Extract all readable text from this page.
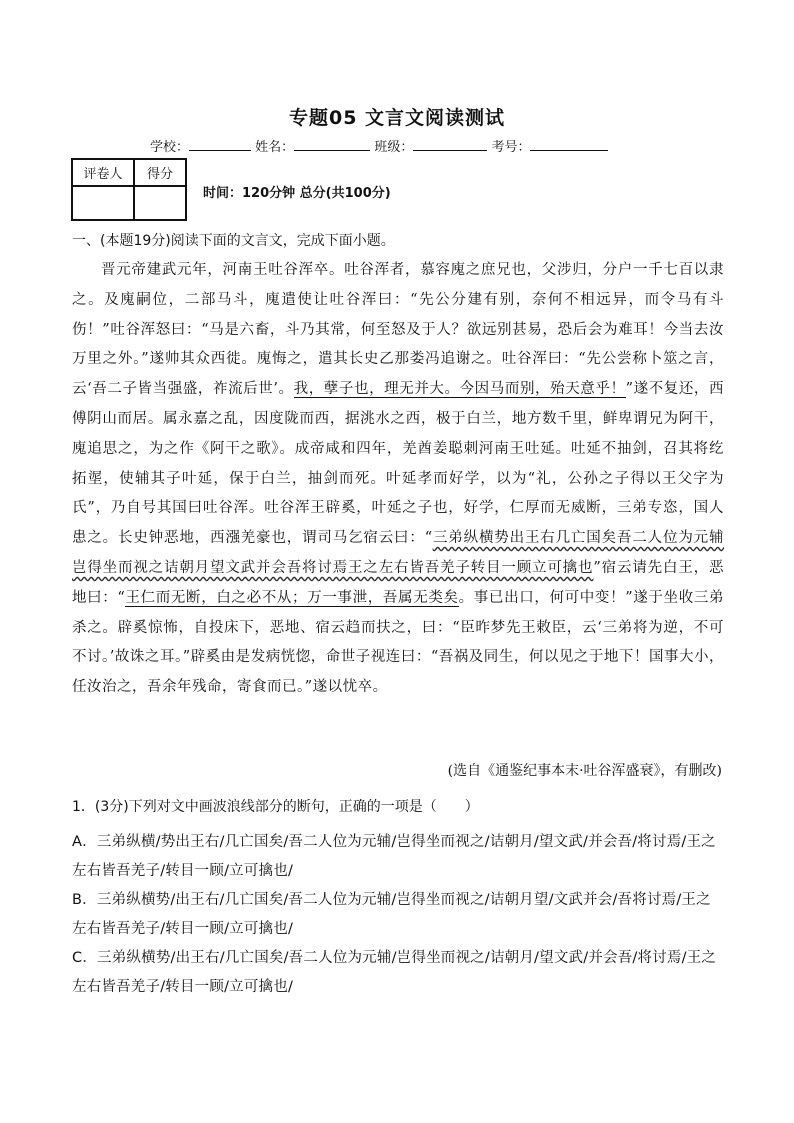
专题05 文言文阅读测试
学校：	姓名：	班级：	考号：
评卷人	得分

时间：120分钟 总分(共100分)
一、(本题19分)阅读下面的文言文，完成下面小题。
晋元帝建武元年，河南王吐谷浑卒。吐谷浑者，慕容廆之庶兄也，父涉归，分户一千七百以隶之。及廆嗣位，二部马斗，廆遣使让吐谷浑曰：“先公分建有别，奈何不相远异，而令马有斗伤！”吐谷浑怒曰：“马是六畜，斗乃其常，何至怒及于人？欲远别甚易，恐后会为难耳！今当去汝万里之外。”遂帅其众西徙。廆悔之，遣其长史乙那娄冯追谢之。吐谷浑曰：“先公尝称卜筮之言，云‘吾二子皆当强盛，祚流后世’。我，孽子也，理无并大。今因马而别，殆天意乎！”遂不复还，西傅阴山而居。属永嘉之乱，因度陇而西，据洮水之西，极于白兰，地方数千里，鲜卑谓兄为阿干，廆追思之，为之作《阿干之歌》。成帝咸和四年，羌酋姜聪刺河南王吐延。吐延不抽剑，召其将纥拓埿，使辅其子叶延，保于白兰，抽剑而死。叶延孝而好学，以为“礼，公孙之子得以王父字为氏”，乃自号其国曰吐谷浑。吐谷浑王辟奚，叶延之子也，好学，仁厚而无威断，三弟专恣，国人患之。长史钟恶地，西漒羌豪也，谓司马乞宿云曰：“三弟纵横势出王右几亡国矣吾二人位为元辅岂得坐而视之诘朝月望文武并会吾将讨焉王之左右皆吾羌子转目一顾立可擒也”宿云请先白王，恶地曰：“王仁而无断，白之必不从；万一事泄，吾属无类矣。事已出口，何可中变！”遂于坐收三弟杀之。辟奚惊怖，自投床下，恶地、宿云趋而扶之，曰：“臣昨梦先王敕臣，云‘三弟将为逆，不可不讨。’故诛之耳。”辟奚由是发病恍惚，命世子视连曰：“吾祸及同生，何以见之于地下！国事大小，任汝治之，吾余年残命，寄食而已。”遂以忧卒。
(选自《通鉴纪事本末·吐谷浑盛衰》，有删改)
1．(3分)下列对文中画波浪线部分的断句，正确的一项是（　　）
A．三弟纵横/势出王右/几亡国矣/吾二人位为元辅/岂得坐而视之/诘朝月/望文武/并会吾/将讨焉/王之左右皆吾羌子/转目一顾/立可擒也/
B．三弟纵横势/出王右/几亡国矣/吾二人位为元辅/岂得坐而视之/诘朝月望/文武并会/吾将讨焉/王之左右皆吾羌子/转目一顾/立可擒也/
C．三弟纵横势/出王右/几亡国矣/吾二人位为元辅/岂得坐而视之/诘朝月/望文武/并会吾/将讨焉/王之左右皆吾羌子/转目一顾/立可擒也/
